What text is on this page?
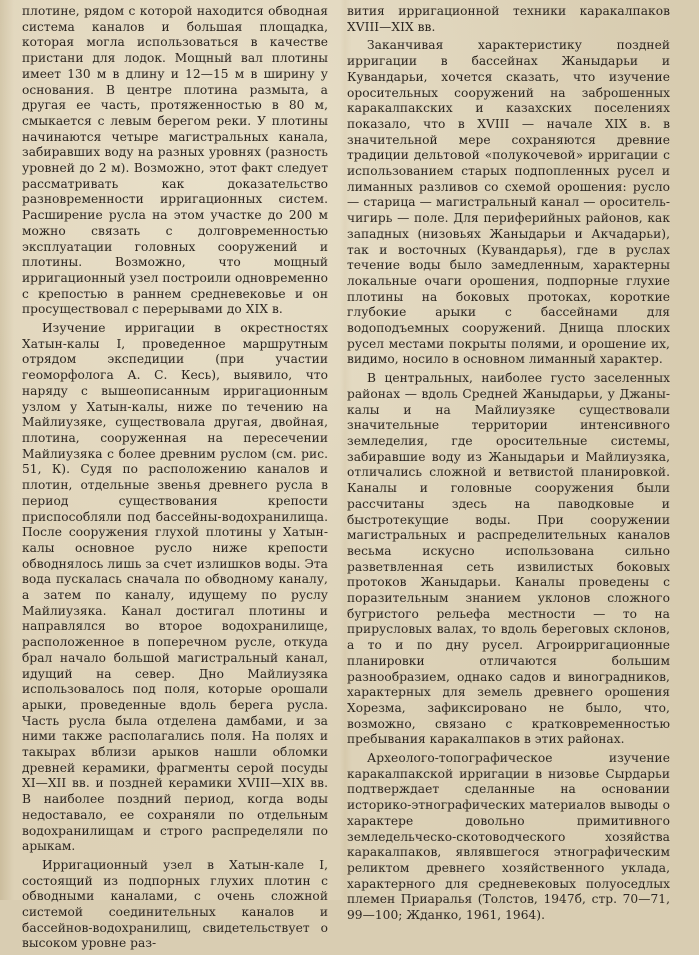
плотине, рядом с которой находится обводная система каналов и большая площадка, которая могла использоваться в качестве пристани для лодок. Мощный вал плотины имеет 130 м в длину и 12—15 м в ширину у основания. В центре плотина размыта, а другая ее часть, протяженностью в 80 м, смыкается с левым берегом реки. У плотины начинаются четыре магистральных канала, забиравших воду на разных уровнях (разность уровней до 2 м). Возможно, этот факт следует рассматривать как доказательство разновременности ирригационных систем. Расширение русла на этом участке до 200 м можно связать с долговременностью эксплуатации головных сооружений и плотины. Возможно, что мощный ирригационный узел построили одновременно с крепостью в раннем средневековье и он просуществовал с перерывами до XIX в.

Изучение ирригации в окрестностях Хатын-калы I, проведенное маршрутным отрядом экспедиции (при участии геоморфолога А. С. Кесь), выявило, что наряду с вышеописанным ирригационным узлом у Хатын-калы, ниже по течению на Майлиузяке, существовала другая, двойная, плотина, сооруженная на пересечении Майлиузяка с более древним руслом (см. рис. 51, К). Судя по расположению каналов и плотин, отдельные звенья древнего русла в период существования крепости приспособляли под бассейны-водохранилища. После сооружения глухой плотины у Хатын-калы основное русло ниже крепости обводнялось лишь за счет излишков воды. Эта вода пускалась сначала по обводному каналу, а затем по каналу, идущему по руслу Майлиузяка. Канал достигал плотины и направлялся во второе водохранилище, расположенное в поперечном русле, откуда брал начало большой магистральный канал, идущий на север. Дно Майлиузяка использовалось под поля, которые орошали арыки, проведенные вдоль берега русла. Часть русла была отделена дамбами, и за ними также располагались поля. На полях и такырах вблизи арыков нашли обломки древней керамики, фрагменты серой посуды XI—XII вв. и поздней керамики XVIII—XIX вв. В наиболее поздний период, когда воды недоставало, ее сохраняли по отдельным водохранилищам и строго распределяли по арыкам.

Ирригационный узел в Хатын-кале I, состоящий из подпорных глухих плотин с обводными каналами, с очень сложной системой соединительных каналов и бассейнов-водохранилищ, свидетельствует о высоком уровне раз-

вития ирригационной техники каракалпаков XVIII—XIX вв.

Заканчивая характеристику поздней ирригации в бассейнах Жаныдарьи и Кувандарьи, хочется сказать, что изучение оросительных сооружений на заброшенных каракалпакских и казахских поселениях показало, что в XVIII — начале XIX в. в значительной мере сохраняются древние традиции дельтовой «полукочевой» ирригации с использованием старых подпопленных русел и лиманных разливов со схемой орошения: русло — старица — магистральный канал — ороситель-чигирь — поле. Для периферийных районов, как западных (низовьях Жаныдарьи и Акчадарьи), так и восточных (Кувандарья), где в руслах течение воды было замедленным, характерны локальные очаги орошения, подпорные глухие плотины на боковых протоках, короткие глубокие арыки с бассейнами для водоподъемных сооружений. Днища плоских русел местами покрыты полями, и орошение их, видимо, носило в основном лиманный характер.

В центральных, наиболее густо заселенных районах — вдоль Средней Жаныдарьи, у Джаны-калы и на Майлиузяке существовали значительные территории интенсивного земледелия, где оросительные системы, забиравшие воду из Жаныдарьи и Майлиузяка, отличались сложной и ветвистой планировкой. Каналы и головные сооружения были рассчитаны здесь на паводковые и быстротекущие воды. При сооружении магистральных и распределительных каналов весьма искусно использована сильно разветвленная сеть извилистых боковых протоков Жаныдарьи. Каналы проведены с поразительным знанием уклонов сложного бугристого рельефа местности — то на прирусловых валах, то вдоль береговых склонов, а то и по дну русел. Агроирригационные планировки отличаются большим разнообразием, однако садов и виноградников, характерных для земель древнего орошения Хорезма, зафиксировано не было, что, возможно, связано с кратковременностью пребывания каракалпаков в этих районах.

Археолого-топографическое изучение каракалпакской ирригации в низовье Сырдарьи подтверждает сделанные на основании историко-этнографических материалов выводы о характере довольно примитивного земледельческо-скотоводческого хозяйства каракалпаков, являвшегося этнографическим реликтом древнего хозяйственного уклада, характерного для средневековых полуоседлых племен Приаралья (Толстов, 1947б, стр. 70—71, 99—100; Жданко, 1961, 1964).
